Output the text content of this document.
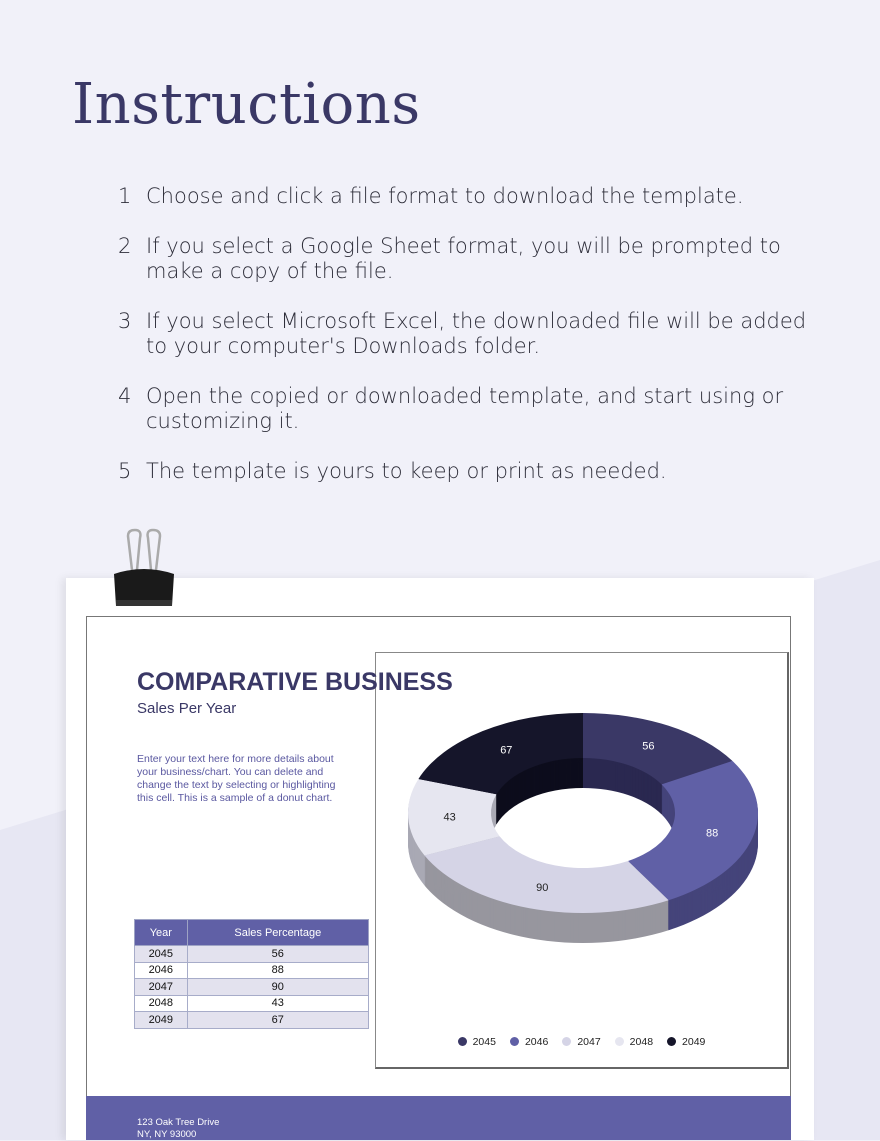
Instructions
1 Choose and click a file format to download the template.
2 If you select a Google Sheet format, you will be prompted to make a copy of the file.
3 If you select Microsoft Excel, the downloaded file will be added to your computer's Downloads folder.
4 Open the copied or downloaded template, and start using or customizing it.
5 The template is yours to keep or print as needed.
COMPARATIVE BUSINESS
Sales Per Year
Enter your text here for more details about your business/chart. You can delete and change the text by selecting or highlighting this cell. This is a sample of a donut chart.
Year	Sales Percentage
2045	56
2046	88
2047	90
2048	43
2049	67
56
88
90
43
67
2045	2046	2047	2048	2049
123 Oak Tree Drive
NY, NY 93000
